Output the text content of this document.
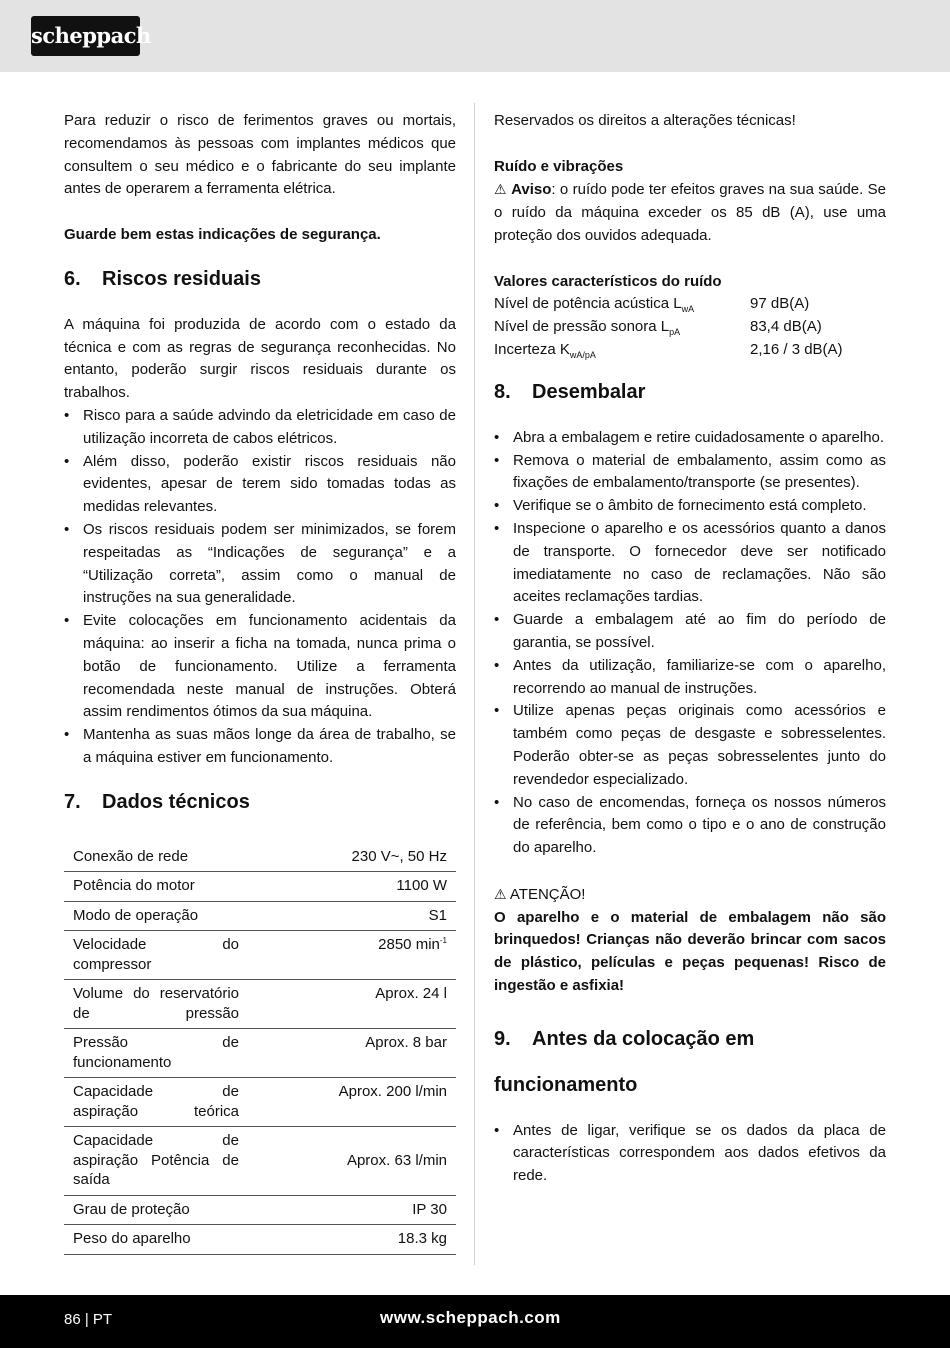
scheppach

Para reduzir o risco de ferimentos graves ou mortais, recomendamos às pessoas com implantes médicos que consultem o seu médico e o fabricante do seu implante antes de operarem a ferramenta elétrica.

Guarde bem estas indicações de segurança.

6. Riscos residuais

A máquina foi produzida de acordo com o estado da técnica e com as regras de segurança reconhecidas. No entanto, poderão surgir riscos residuais durante os trabalhos.

• Risco para a saúde advindo da eletricidade em caso de utilização incorreta de cabos elétricos.
• Além disso, poderão existir riscos residuais não evidentes, apesar de terem sido tomadas todas as medidas relevantes.
• Os riscos residuais podem ser minimizados, se forem respeitadas as “Indicações de segurança” e a “Utilização correta”, assim como o manual de instruções na sua generalidade.
• Evite colocações em funcionamento acidentais da máquina: ao inserir a ficha na tomada, nunca prima o botão de funcionamento. Utilize a ferramenta recomendada neste manual de instruções. Obterá assim rendimentos ótimos da sua máquina.
• Mantenha as suas mãos longe da área de trabalho, se a máquina estiver em funcionamento.
7. Dados técnicos
Conexão de rede	230 V~, 50 Hz
Potência do motor	1100 W
Modo de operação	S1
Velocidade do compressor	2850 $\min^{-1}$
Volume do reservatório de pressão	Aprox. 24 l
Pressão de funcionamento	Aprox. 8 bar
Capacidade de aspiração teórica	Aprox. 200 l/min
Capacidade de aspiração Potência de saída	Aprox. 63 l/min
Grau de proteção	IP 30
Peso do aparelho	18.3 kg

Reservados os direitos a alterações técnicas!

Ruído e vibrações

⚠ Aviso: o ruído pode ter efeitos graves na sua saúde. Se o ruído da máquina exceder os 85 dB (A), use uma proteção dos ouvidos adequada.

Valores característicos do ruído

Nível de potência acústica $L_{wA}$	97 dB(A)
Nível de pressão sonora $L_{pA}$	83,4 dB(A)
Incerteza $K_{wA/pA}$	2,16 / 3 dB(A)
8. Desembalar
• Abra a embalagem e retire cuidadosamente o aparelho.
• Remova o material de embalamento, assim como as fixações de embalamento/transporte (se presentes).
• Verifique se o âmbito de fornecimento está completo.
• Inspecione o aparelho e os acessórios quanto a danos de transporte. O fornecedor deve ser notificado imediatamente no caso de reclamações. Não são aceites reclamações tardias.
• Guarde a embalagem até ao fim do período de garantia, se possível.
• Antes da utilização, familiarize-se com o aparelho, recorrendo ao manual de instruções.
• Utilize apenas peças originais como acessórios e também como peças de desgaste e sobresselentes. Poderão obter-se as peças sobresselentes junto do revendedor especializado.
• No caso de encomendas, forneça os nossos números de referência, bem como o tipo e o ano de construção do aparelho.

⚠ ATENÇÃO!

O aparelho e o material de embalagem não são brinquedos! Crianças não deverão brincar com sacos de plástico, películas e peças pequenas! Risco de ingestão e asfixia!

9. Antes da colocação em
funcionamento
• Antes de ligar, verifique se os dados da placa de características correspondem aos dados efetivos da rede.
86 | PT	www.scheppach.com
